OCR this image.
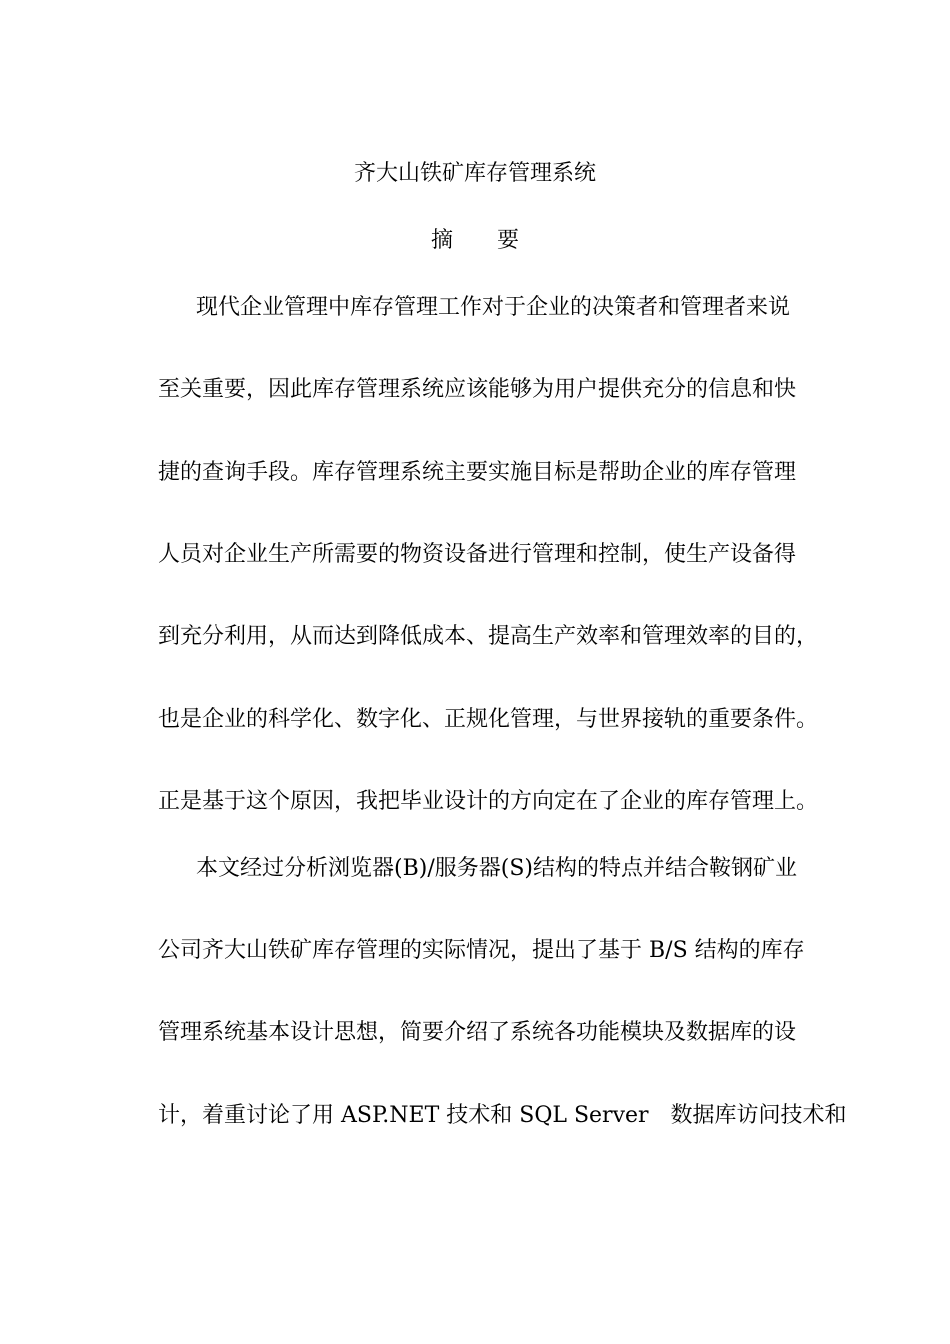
齐大山铁矿库存管理系统
摘　　要
现代企业管理中库存管理工作对于企业的决策者和管理者来说
至关重要，因此库存管理系统应该能够为用户提供充分的信息和快
捷的查询手段。库存管理系统主要实施目标是帮助企业的库存管理
人员对企业生产所需要的物资设备进行管理和控制，使生产设备得
到充分利用，从而达到降低成本、提高生产效率和管理效率的目的，
也是企业的科学化、数字化、正规化管理，与世界接轨的重要条件。
正是基于这个原因，我把毕业设计的方向定在了企业的库存管理上。
本文经过分析浏览器(B)/服务器(S)结构的特点并结合鞍钢矿业
公司齐大山铁矿库存管理的实际情况，提出了基于 B/S 结构的库存
管理系统基本设计思想，简要介绍了系统各功能模块及数据库的设
计，着重讨论了用 ASP.NET 技术和 SQL Server　数据库访问技术和
